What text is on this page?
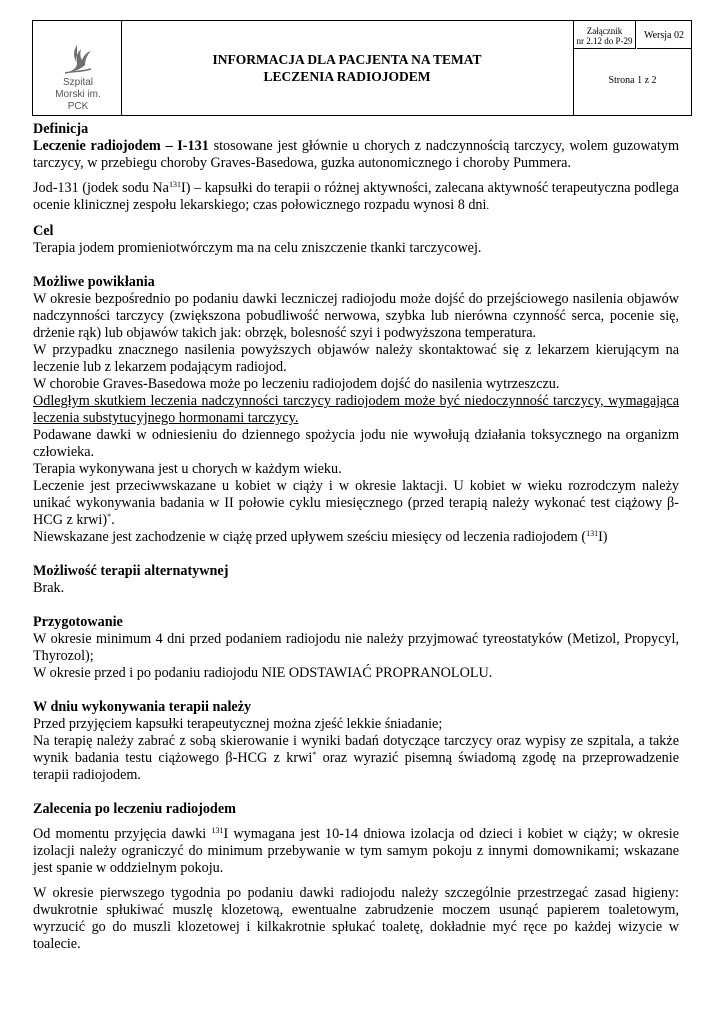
Szpital
Morski im. PCK
INFORMACJA DLA PACJENTA NA TEMAT
LECZENIA RADIOJODEM
Załącznik
nr 2.12 do P-29	Wersja 02
Strona 1 z 2
Definicja

Leczenie radiojodem – I-131 stosowane jest głównie u chorych z nadczynnością tarczycy, wolem guzowatym tarczycy, w przebiegu choroby Graves-Basedowa, guzka autonomicznego i choroby Pummera.

Jod-131 (jodek sodu Na$^{131}$I) – kapsułki do terapii o różnej aktywności, zalecana aktywność terapeutyczna podlega ocenie klinicznej zespołu lekarskiego; czas połowicznego rozpadu wynosi 8 dni.

Cel

Terapia jodem promieniotwórczym ma na celu zniszczenie tkanki tarczycowej.

Możliwe powikłania

W okresie bezpośrednio po podaniu dawki leczniczej radiojodu może dojść do przejściowego nasilenia objawów nadczynności tarczycy (zwiększona pobudliwość nerwowa, szybka lub nierówna czynność serca, pocenie się, drżenie rąk) lub objawów takich jak: obrzęk, bolesność szyi i podwyższona temperatura.

W przypadku znacznego nasilenia powyższych objawów należy skontaktować się z lekarzem kierującym na leczenie lub z lekarzem podającym radiojod.

W chorobie Graves-Basedowa może po leczeniu radiojodem dojść do nasilenia wytrzeszczu.

Odległym skutkiem leczenia nadczynności tarczycy radiojodem może być niedoczynność tarczycy, wymagająca leczenia substytucyjnego hormonami tarczycy.

Podawane dawki w odniesieniu do dziennego spożycia jodu nie wywołują działania toksycznego na organizm człowieka.

Terapia wykonywana jest u chorych w każdym wieku.

Leczenie jest przeciwwskazane u kobiet w ciąży i w okresie laktacji. U kobiet w wieku rozrodczym należy unikać wykonywania badania w II połowie cyklu miesięcznego (przed terapią należy wykonać test ciążowy β-HCG z krwi)*.

Niewskazane jest zachodzenie w ciążę przed upływem sześciu miesięcy od leczenia radiojodem ($^{131}$I)

Możliwość terapii alternatywnej

Brak.

Przygotowanie

W okresie minimum 4 dni przed podaniem radiojodu nie należy przyjmować tyreostatyków (Metizol, Propycyl, Thyrozol);

W okresie przed i po podaniu radiojodu NIE ODSTAWIAĆ PROPRANOLOLU.

W dniu wykonywania terapii należy

Przed przyjęciem kapsułki terapeutycznej można zjeść lekkie śniadanie;

Na terapię należy zabrać z sobą skierowanie i wyniki badań dotyczące tarczycy oraz wypisy ze szpitala, a także wynik badania testu ciążowego β-HCG z krwi* oraz wyrazić pisemną świadomą zgodę na przeprowadzenie terapii radiojodem.

Zalecenia po leczeniu radiojodem

Od momentu przyjęcia dawki $^{131}$I wymagana jest 10-14 dniowa izolacja od dzieci i kobiet w ciąży; w okresie izolacji należy ograniczyć do minimum przebywanie w tym samym pokoju z innymi domownikami; wskazane jest spanie w oddzielnym pokoju.

W okresie pierwszego tygodnia po podaniu dawki radiojodu należy szczególnie przestrzegać zasad higieny: dwukrotnie spłukiwać muszlę klozetową, ewentualne zabrudzenie moczem usunąć papierem toaletowym, wyrzucić go do muszli klozetowej i kilkakrotnie spłukać toaletę, dokładnie myć ręce po każdej wizycie w toalecie.
